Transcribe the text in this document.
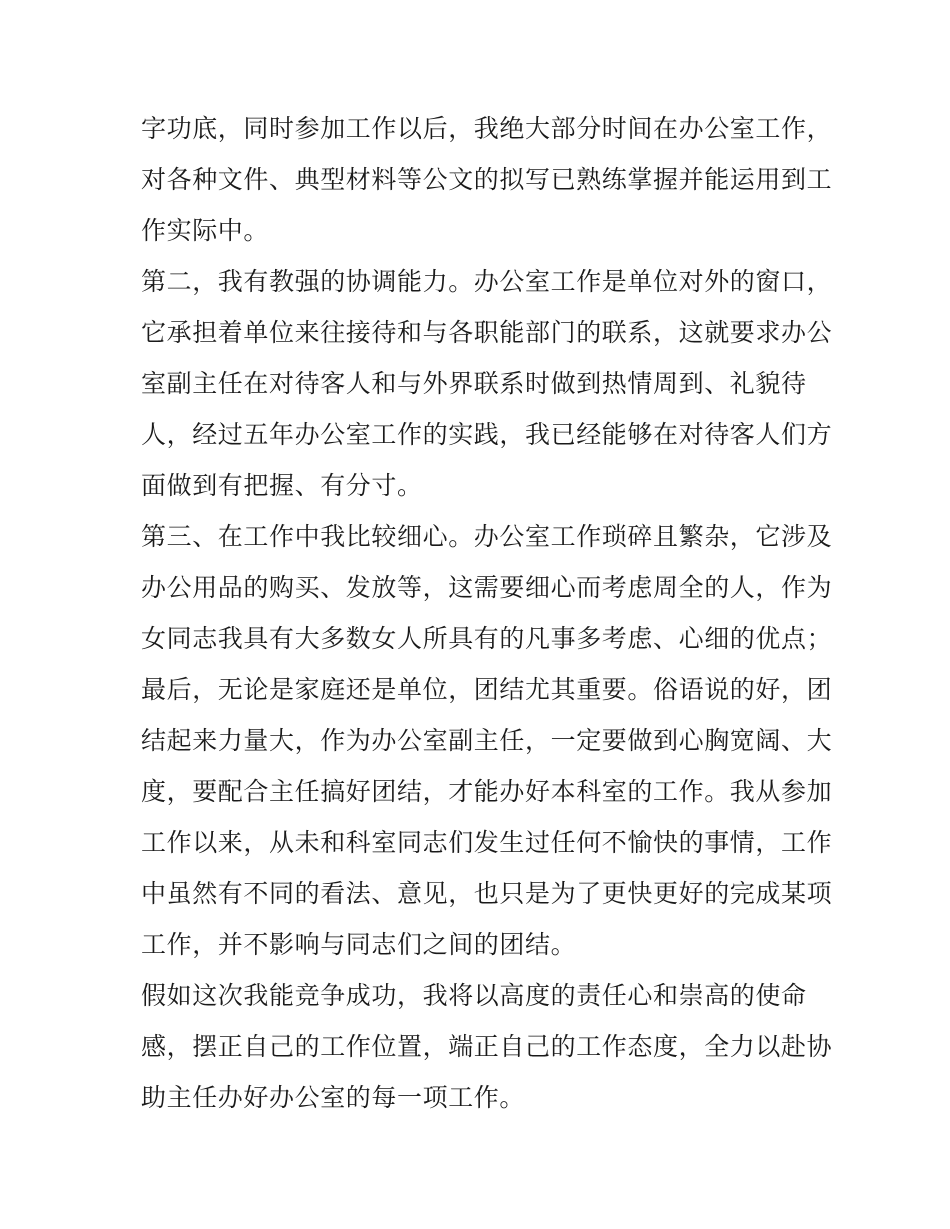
字功底，同时参加工作以后，我绝大部分时间在办公室工作，
对各种文件、典型材料等公文的拟写已熟练掌握并能运用到工
作实际中。
第二，我有教强的协调能力。办公室工作是单位对外的窗口，
它承担着单位来往接待和与各职能部门的联系，这就要求办公
室副主任在对待客人和与外界联系时做到热情周到、礼貌待
人，经过五年办公室工作的实践，我已经能够在对待客人们方
面做到有把握、有分寸。
第三、在工作中我比较细心。办公室工作琐碎且繁杂，它涉及
办公用品的购买、发放等，这需要细心而考虑周全的人，作为
女同志我具有大多数女人所具有的凡事多考虑、心细的优点；
最后，无论是家庭还是单位，团结尤其重要。俗语说的好，团
结起来力量大，作为办公室副主任，一定要做到心胸宽阔、大
度，要配合主任搞好团结，才能办好本科室的工作。我从参加
工作以来，从未和科室同志们发生过任何不愉快的事情，工作
中虽然有不同的看法、意见，也只是为了更快更好的完成某项
工作，并不影响与同志们之间的团结。
假如这次我能竞争成功，我将以高度的责任心和崇高的使命
感，摆正自己的工作位置，端正自己的工作态度，全力以赴协
助主任办好办公室的每一项工作。
